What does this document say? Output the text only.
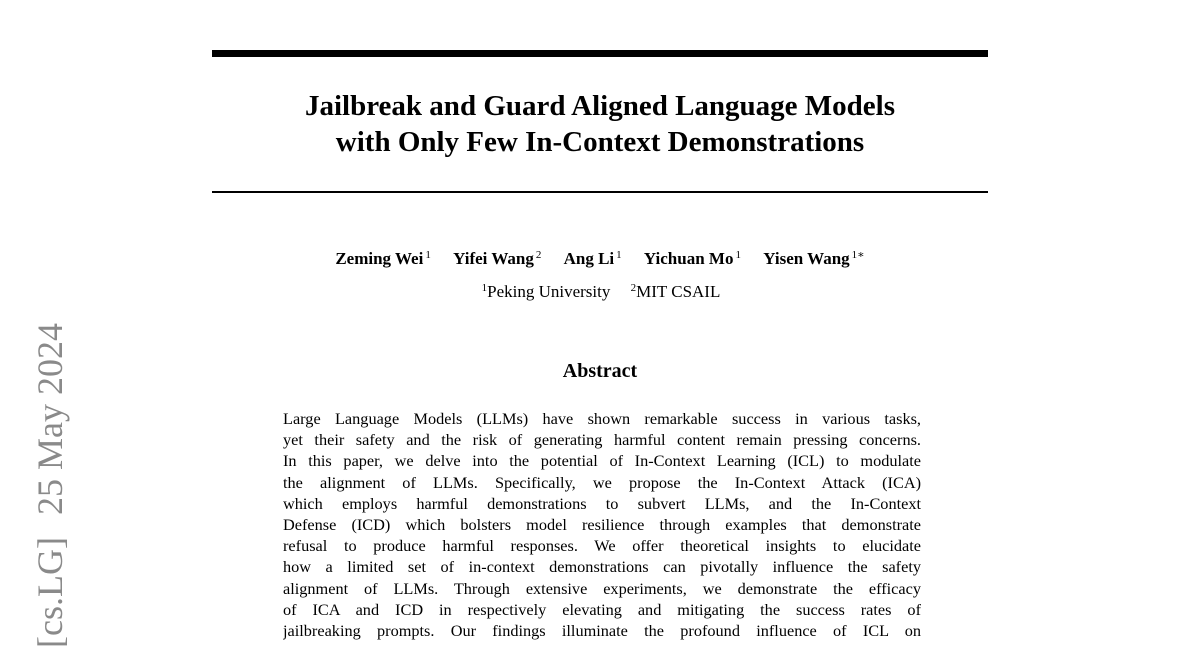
Jailbreak and Guard Aligned Language Models
with Only Few In-Context Demonstrations
Zeming Wei $^1$ Yifei Wang $^2$ Ang Li $^1$ Yichuan Mo $^1$ Yisen Wang $^{1∗}$
$^1$Peking University $^2$MIT CSAIL
Abstract
Large Language Models (LLMs) have shown remarkable success in various tasks,
yet their safety and the risk of generating harmful content remain pressing concerns.
In this paper, we delve into the potential of In-Context Learning (ICL) to modulate
the alignment of LLMs. Specifically, we propose the In-Context Attack (ICA)
which employs harmful demonstrations to subvert LLMs, and the In-Context
Defense (ICD) which bolsters model resilience through examples that demonstrate
refusal to produce harmful responses. We offer theoretical insights to elucidate
how a limited set of in-context demonstrations can pivotally influence the safety
alignment of LLMs. Through extensive experiments, we demonstrate the efficacy
of ICA and ICD in respectively elevating and mitigating the success rates of
jailbreaking prompts. Our findings illuminate the profound influence of ICL on
[cs.LG]25 May 2024
